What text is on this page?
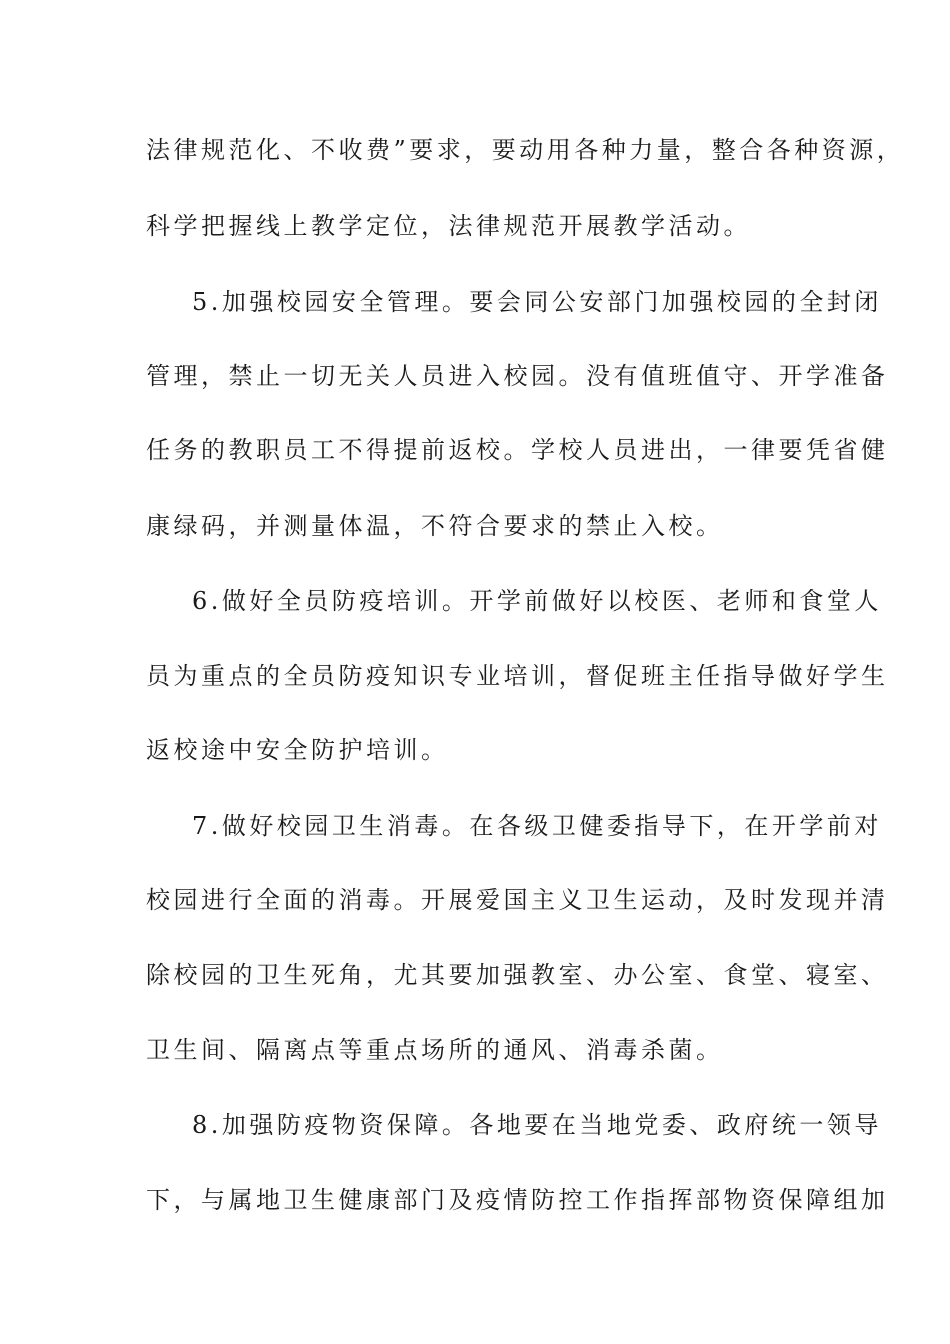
法律规范化、不收费”要求，要动用各种力量，整合各种资源，
科学把握线上教学定位，法律规范开展教学活动。
5.加强校园安全管理。要会同公安部门加强校园的全封闭
管理，禁止一切无关人员进入校园。没有值班值守、开学准备
任务的教职员工不得提前返校。学校人员进出，一律要凭省健
康绿码，并测量体温，不符合要求的禁止入校。
6.做好全员防疫培训。开学前做好以校医、老师和食堂人
员为重点的全员防疫知识专业培训，督促班主任指导做好学生
返校途中安全防护培训。
7.做好校园卫生消毒。在各级卫健委指导下，在开学前对
校园进行全面的消毒。开展爱国主义卫生运动，及时发现并清
除校园的卫生死角，尤其要加强教室、办公室、食堂、寝室、
卫生间、隔离点等重点场所的通风、消毒杀菌。
8.加强防疫物资保障。各地要在当地党委、政府统一领导
下，与属地卫生健康部门及疫情防控工作指挥部物资保障组加
